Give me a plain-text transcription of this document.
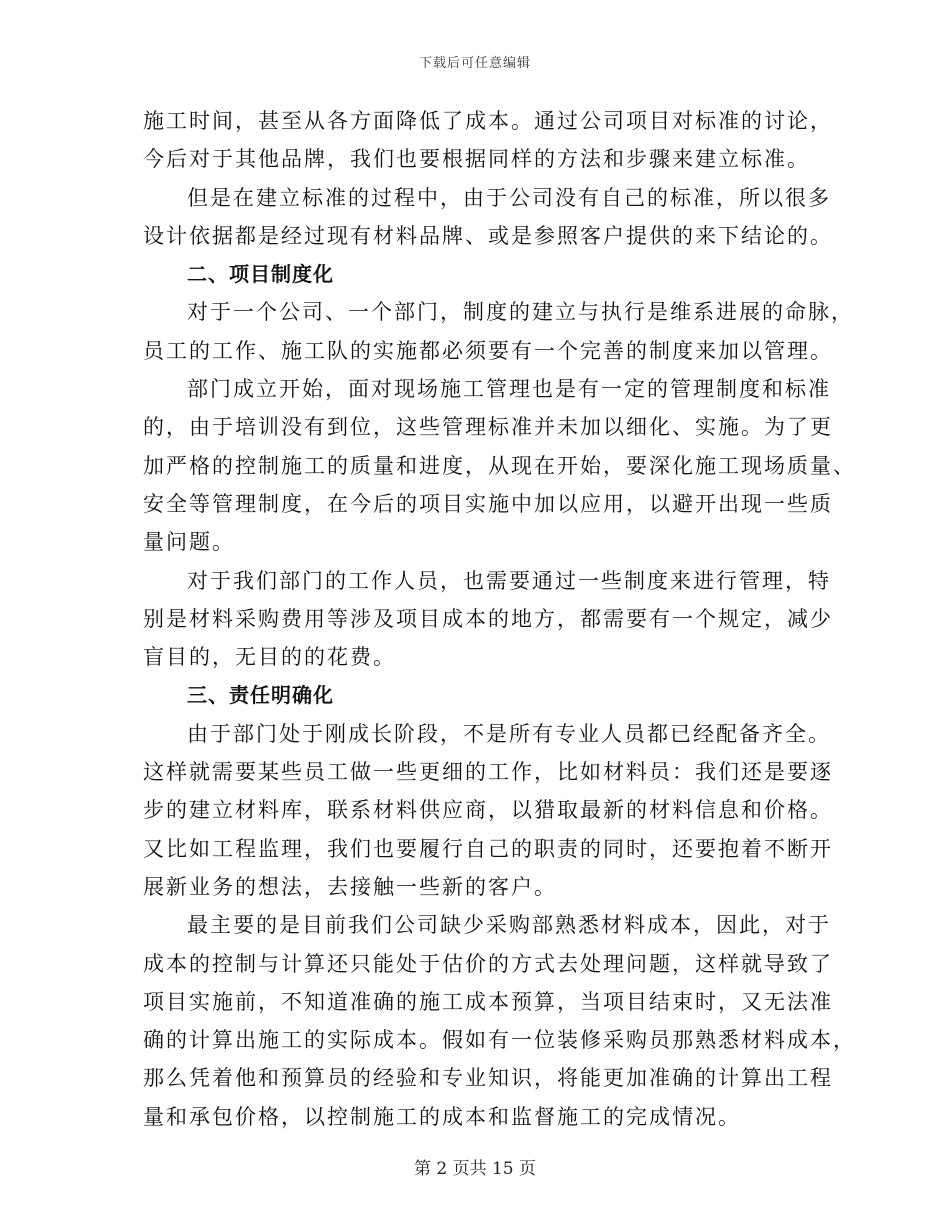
下载后可任意编辑
施工时间，甚至从各方面降低了成本。通过公司项目对标准的讨论，
今后对于其他品牌，我们也要根据同样的方法和步骤来建立标准。
但是在建立标准的过程中，由于公司没有自己的标准，所以很多
设计依据都是经过现有材料品牌、或是参照客户提供的来下结论的。
二、项目制度化
对于一个公司、一个部门，制度的建立与执行是维系进展的命脉，
员工的工作、施工队的实施都必须要有一个完善的制度来加以管理。
部门成立开始，面对现场施工管理也是有一定的管理制度和标准
的，由于培训没有到位，这些管理标准并未加以细化、实施。为了更
加严格的控制施工的质量和进度，从现在开始，要深化施工现场质量、
安全等管理制度，在今后的项目实施中加以应用，以避开出现一些质
量问题。
对于我们部门的工作人员，也需要通过一些制度来进行管理，特
别是材料采购费用等涉及项目成本的地方，都需要有一个规定，减少
盲目的，无目的的花费。
三、责任明确化
由于部门处于刚成长阶段，不是所有专业人员都已经配备齐全。
这样就需要某些员工做一些更细的工作，比如材料员：我们还是要逐
步的建立材料库，联系材料供应商，以猎取最新的材料信息和价格。
又比如工程监理，我们也要履行自己的职责的同时，还要抱着不断开
展新业务的想法，去接触一些新的客户。
最主要的是目前我们公司缺少采购部熟悉材料成本，因此，对于
成本的控制与计算还只能处于估价的方式去处理问题，这样就导致了
项目实施前，不知道准确的施工成本预算，当项目结束时，又无法准
确的计算出施工的实际成本。假如有一位装修采购员那熟悉材料成本，
那么凭着他和预算员的经验和专业知识，将能更加准确的计算出工程
量和承包价格，以控制施工的成本和监督施工的完成情况。
第 2 页共 15 页
